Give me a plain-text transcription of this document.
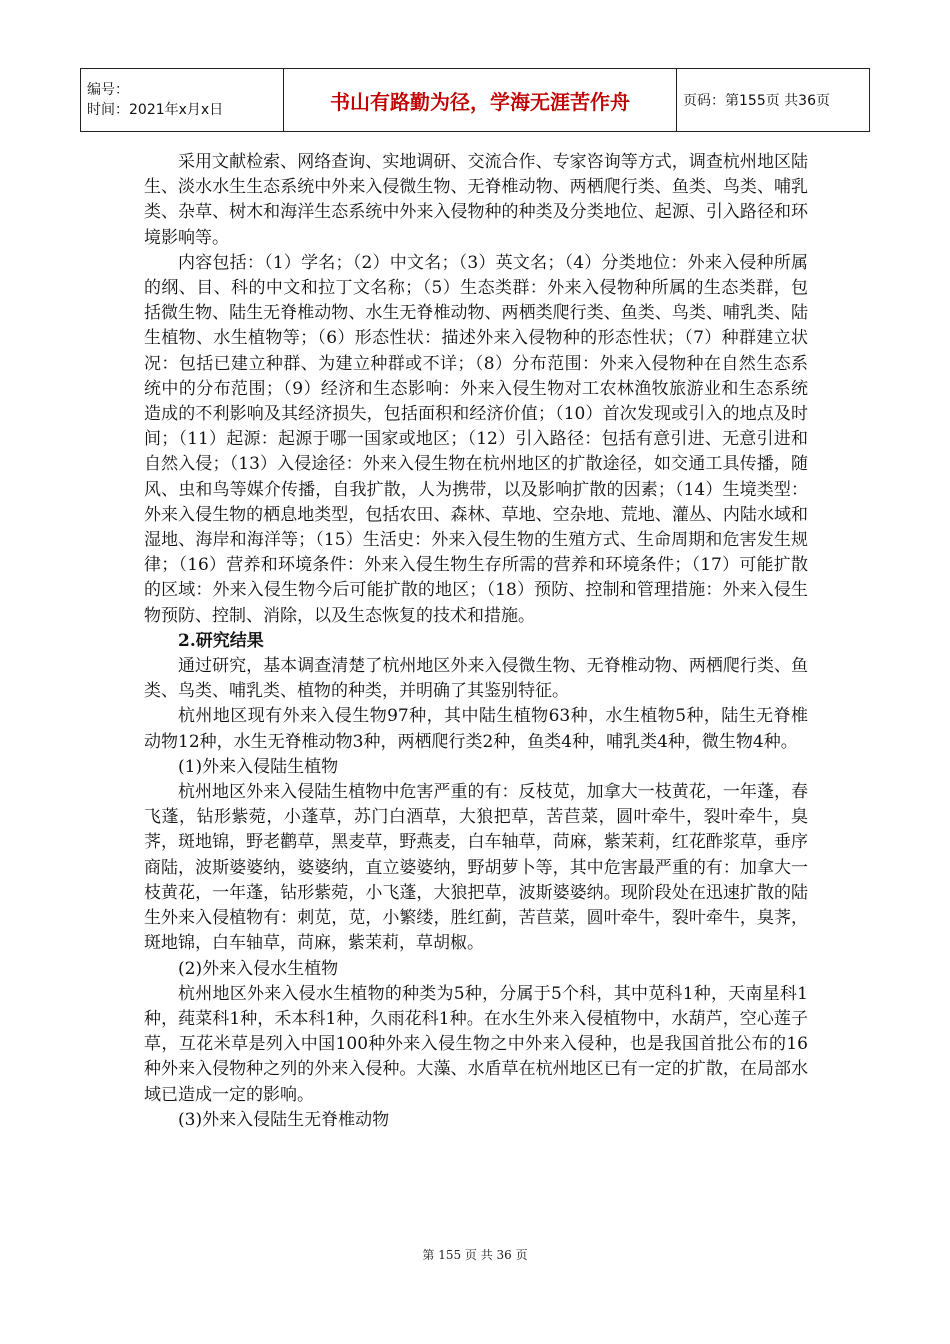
编号：
时间：2021年x月x日	书山有路勤为径，学海无涯苦作舟	页码：第155页 共36页

采用文献检索、网络查询、实地调研、交流合作、专家咨询等方式，调查杭州地区陆生、淡水水生生态系统中外来入侵微生物、无脊椎动物、两栖爬行类、鱼类、鸟类、哺乳类、杂草、树木和海洋生态系统中外来入侵物种的种类及分类地位、起源、引入路径和环境影响等。

内容包括：（1）学名；（2）中文名；（3）英文名；（4）分类地位：外来入侵种所属的纲、目、科的中文和拉丁文名称；（5）生态类群：外来入侵物种所属的生态类群，包括微生物、陆生无脊椎动物、水生无脊椎动物、两栖类爬行类、鱼类、鸟类、哺乳类、陆生植物、水生植物等；（6）形态性状：描述外来入侵物种的形态性状；（7）种群建立状况：包括已建立种群、为建立种群或不详；（8）分布范围：外来入侵物种在自然生态系统中的分布范围；（9）经济和生态影响：外来入侵生物对工农林渔牧旅游业和生态系统造成的不利影响及其经济损失，包括面积和经济价值；（10）首次发现或引入的地点及时间；（11）起源：起源于哪一国家或地区；（12）引入路径：包括有意引进、无意引进和自然入侵；（13）入侵途径：外来入侵生物在杭州地区的扩散途径，如交通工具传播，随风、虫和鸟等媒介传播，自我扩散，人为携带，以及影响扩散的因素；（14）生境类型：外来入侵生物的栖息地类型，包括农田、森林、草地、空杂地、荒地、灌丛、内陆水域和湿地、海岸和海洋等；（15）生活史：外来入侵生物的生殖方式、生命周期和危害发生规律；（16）营养和环境条件：外来入侵生物生存所需的营养和环境条件；（17）可能扩散的区域：外来入侵生物今后可能扩散的地区；（18）预防、控制和管理措施：外来入侵生物预防、控制、消除，以及生态恢复的技术和措施。

2.研究结果

通过研究，基本调查清楚了杭州地区外来入侵微生物、无脊椎动物、两栖爬行类、鱼类、鸟类、哺乳类、植物的种类，并明确了其鉴别特征。

杭州地区现有外来入侵生物97种，其中陆生植物63种，水生植物5种，陆生无脊椎动物12种，水生无脊椎动物3种，两栖爬行类2种，鱼类4种，哺乳类4种，微生物4种。

(1)外来入侵陆生植物

杭州地区外来入侵陆生植物中危害严重的有：反枝苋，加拿大一枝黄花，一年蓬，春飞蓬，钻形紫菀，小蓬草，苏门白酒草，大狼把草，苦苣菜，圆叶牵牛，裂叶牵牛，臭荠，斑地锦，野老鹳草，黑麦草，野燕麦，白车轴草，苘麻，紫茉莉，红花酢浆草，垂序商陆，波斯婆婆纳，婆婆纳，直立婆婆纳，野胡萝卜等，其中危害最严重的有：加拿大一枝黄花，一年蓬，钻形紫菀，小飞蓬，大狼把草，波斯婆婆纳。现阶段处在迅速扩散的陆生外来入侵植物有：刺苋，苋，小繁缕，胜红蓟，苦苣菜，圆叶牵牛，裂叶牵牛，臭荠，斑地锦，白车轴草，苘麻，紫茉莉，草胡椒。

(2)外来入侵水生植物

杭州地区外来入侵水生植物的种类为5种，分属于5个科，其中苋科1种，天南星科1种，莼菜科1种，禾本科1种，久雨花科1种。在水生外来入侵植物中，水葫芦，空心莲子草，互花米草是列入中国100种外来入侵生物之中外来入侵种，也是我国首批公布的16种外来入侵物种之列的外来入侵种。大藻、水盾草在杭州地区已有一定的扩散，在局部水域已造成一定的影响。

(3)外来入侵陆生无脊椎动物

第 155 页 共 36 页
